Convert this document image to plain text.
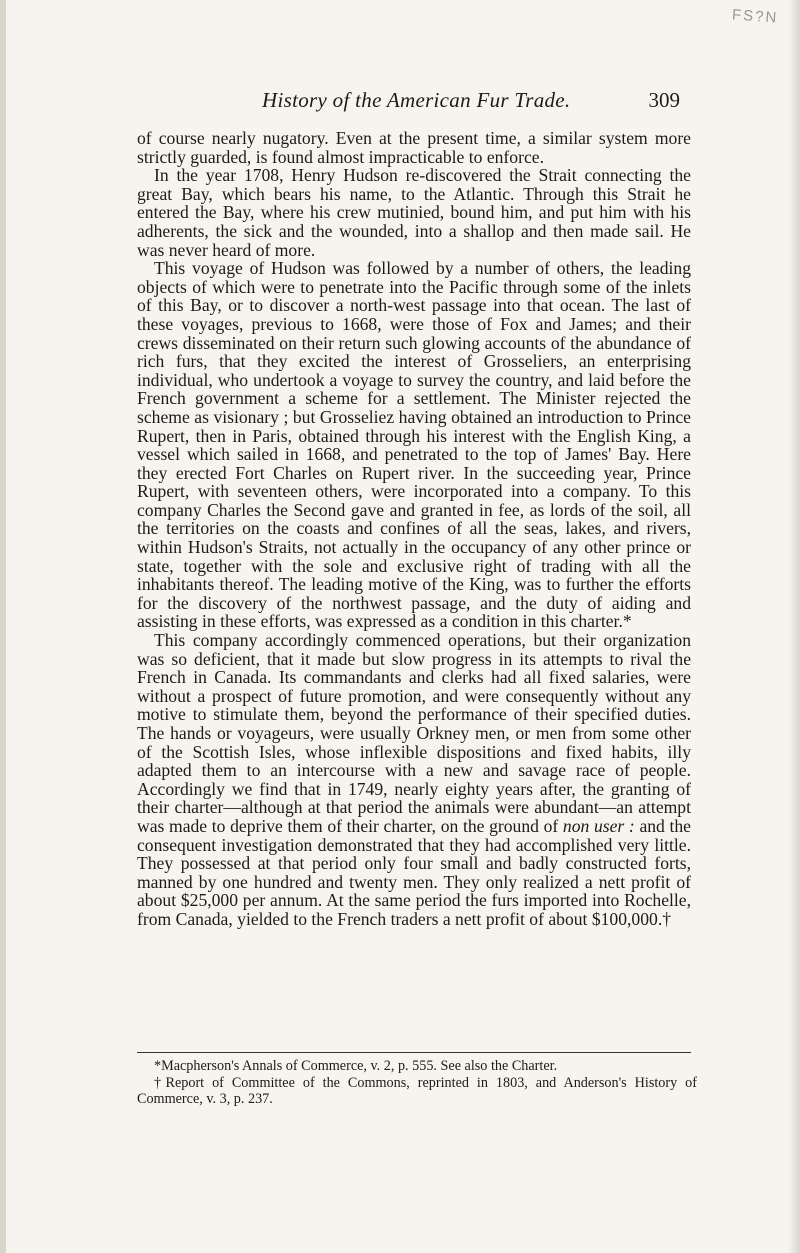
FS?N
History of the American Fur Trade.	309

of course nearly nugatory. Even at the present time, a similar system more strictly guarded, is found almost impracticable to enforce.

In the year 1708, Henry Hudson re-discovered the Strait connecting the great Bay, which bears his name, to the Atlantic. Through this Strait he entered the Bay, where his crew mutinied, bound him, and put him with his adherents, the sick and the wounded, into a shallop and then made sail. He was never heard of more.

This voyage of Hudson was followed by a number of others, the leading objects of which were to penetrate into the Pacific through some of the inlets of this Bay, or to discover a north-west passage into that ocean. The last of these voyages, previous to 1668, were those of Fox and James; and their crews disseminated on their return such glowing accounts of the abundance of rich furs, that they excited the interest of Grosseliers, an enterprising individual, who undertook a voyage to survey the country, and laid before the French government a scheme for a settlement. The Minister rejected the scheme as visionary ; but Grosseliez having obtained an introduction to Prince Rupert, then in Paris, obtained through his interest with the English King, a vessel which sailed in 1668, and penetrated to the top of James' Bay. Here they erected Fort Charles on Rupert river. In the succeeding year, Prince Rupert, with seventeen others, were incorporated into a company. To this company Charles the Second gave and granted in fee, as lords of the soil, all the territories on the coasts and confines of all the seas, lakes, and rivers, within Hudson's Straits, not actually in the occupancy of any other prince or state, together with the sole and exclusive right of trading with all the inhabitants thereof. The leading motive of the King, was to further the efforts for the discovery of the northwest passage, and the duty of aiding and assisting in these efforts, was expressed as a condition in this charter.*

This company accordingly commenced operations, but their organization was so deficient, that it made but slow progress in its attempts to rival the French in Canada. Its commandants and clerks had all fixed salaries, were without a prospect of future promotion, and were consequently without any motive to stimulate them, beyond the performance of their specified duties. The hands or voyageurs, were usually Orkney men, or men from some other of the Scottish Isles, whose inflexible dispositions and fixed habits, illy adapted them to an intercourse with a new and savage race of people. Accordingly we find that in 1749, nearly eighty years after, the granting of their charter—although at that period the animals were abundant—an attempt was made to deprive them of their charter, on the ground of non user : and the consequent investigation demonstrated that they had accomplished very little. They possessed at that period only four small and badly constructed forts, manned by one hundred and twenty men. They only realized a nett profit of about $25,000 per annum. At the same period the furs imported into Rochelle, from Canada, yielded to the French traders a nett profit of about $100,000.†

*Macpherson's Annals of Commerce, v. 2, p. 555. See also the Charter.

†Report of Committee of the Commons, reprinted in 1803, and Anderson's History of Commerce, v. 3, p. 237.
